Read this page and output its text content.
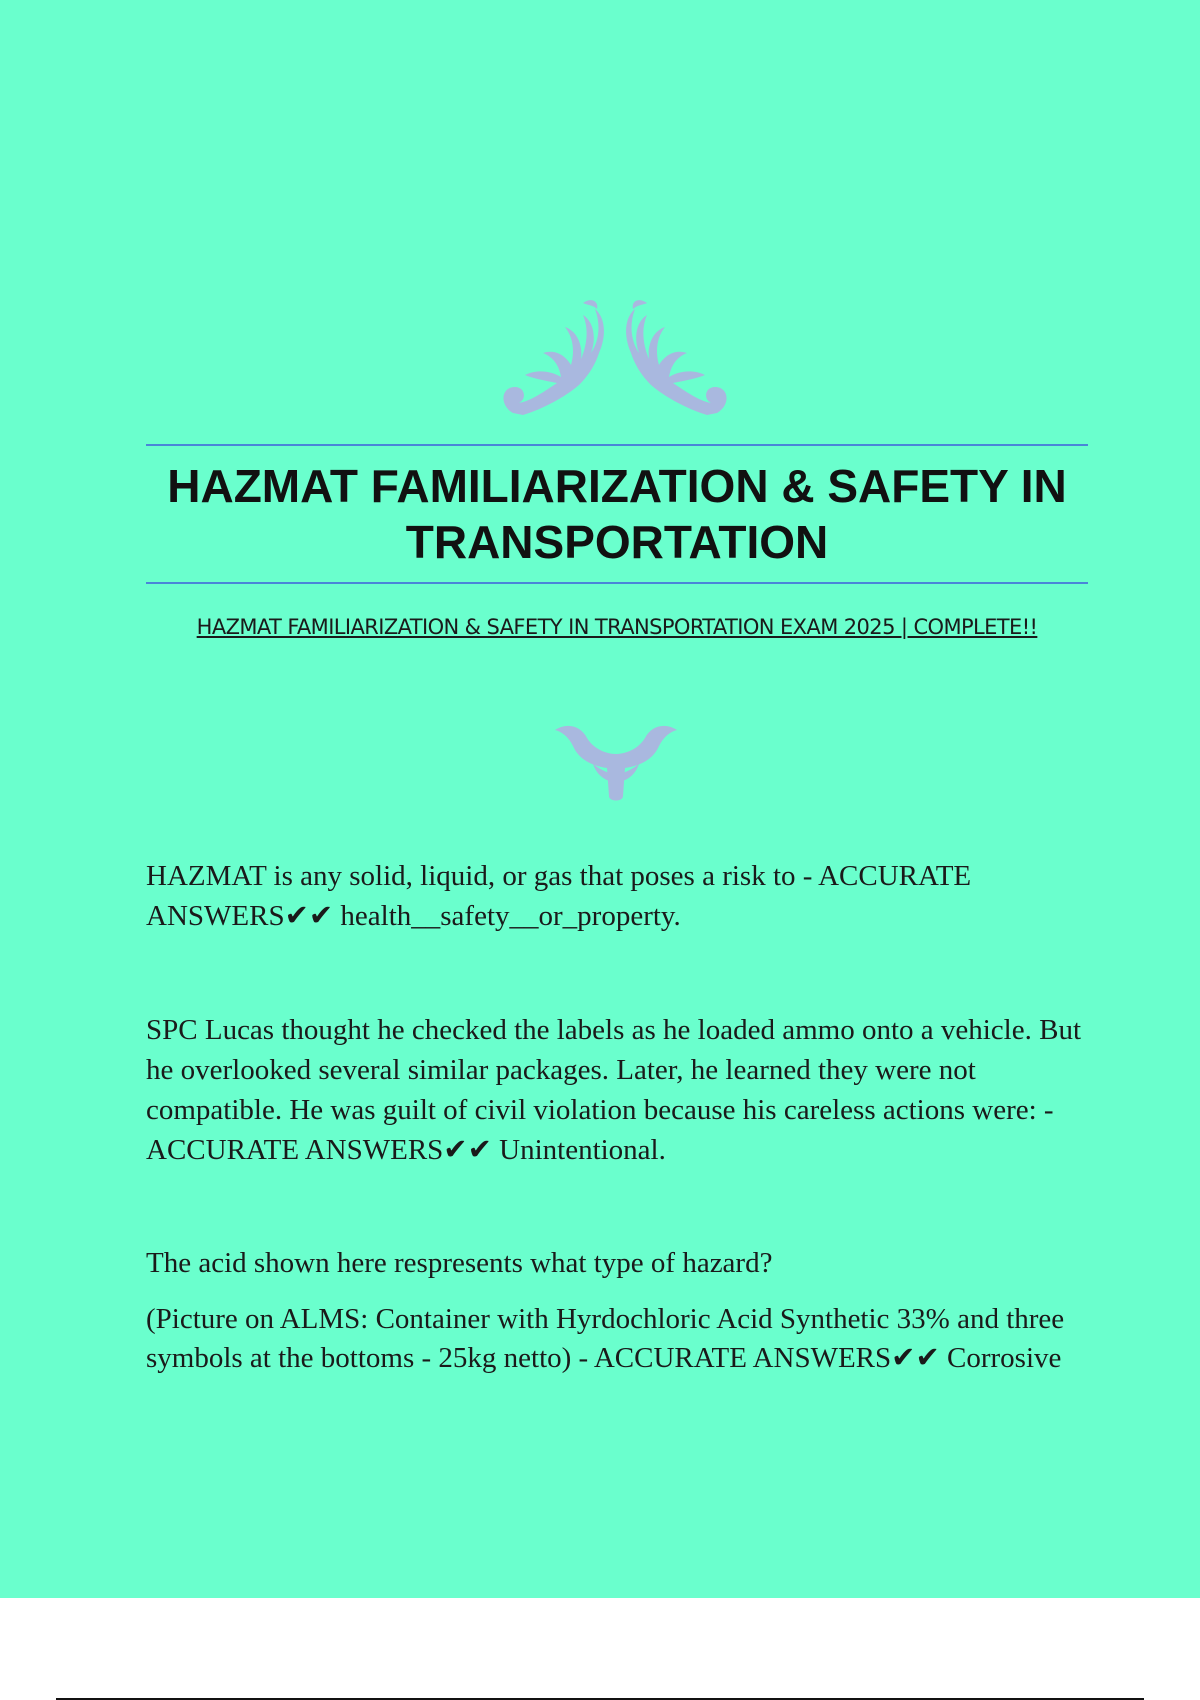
HAZMAT FAMILIARIZATION & SAFETY IN TRANSPORTATION

HAZMAT FAMILIARIZATION & SAFETY IN TRANSPORTATION EXAM 2025 | COMPLETE!!

HAZMAT is any solid, liquid, or gas that poses a risk to - ACCURATE ANSWERS✔✔ health__safety__or_property.

SPC Lucas thought he checked the labels as he loaded ammo onto a vehicle. But he overlooked several similar packages. Later, he learned they were not compatible. He was guilt of civil violation because his careless actions were: - ACCURATE ANSWERS✔✔ Unintentional.

The acid shown here respresents what type of hazard?

(Picture on ALMS: Container with Hyrdochloric Acid Synthetic 33% and three symbols at the bottoms - 25kg netto) - ACCURATE ANSWERS✔✔ Corrosive
